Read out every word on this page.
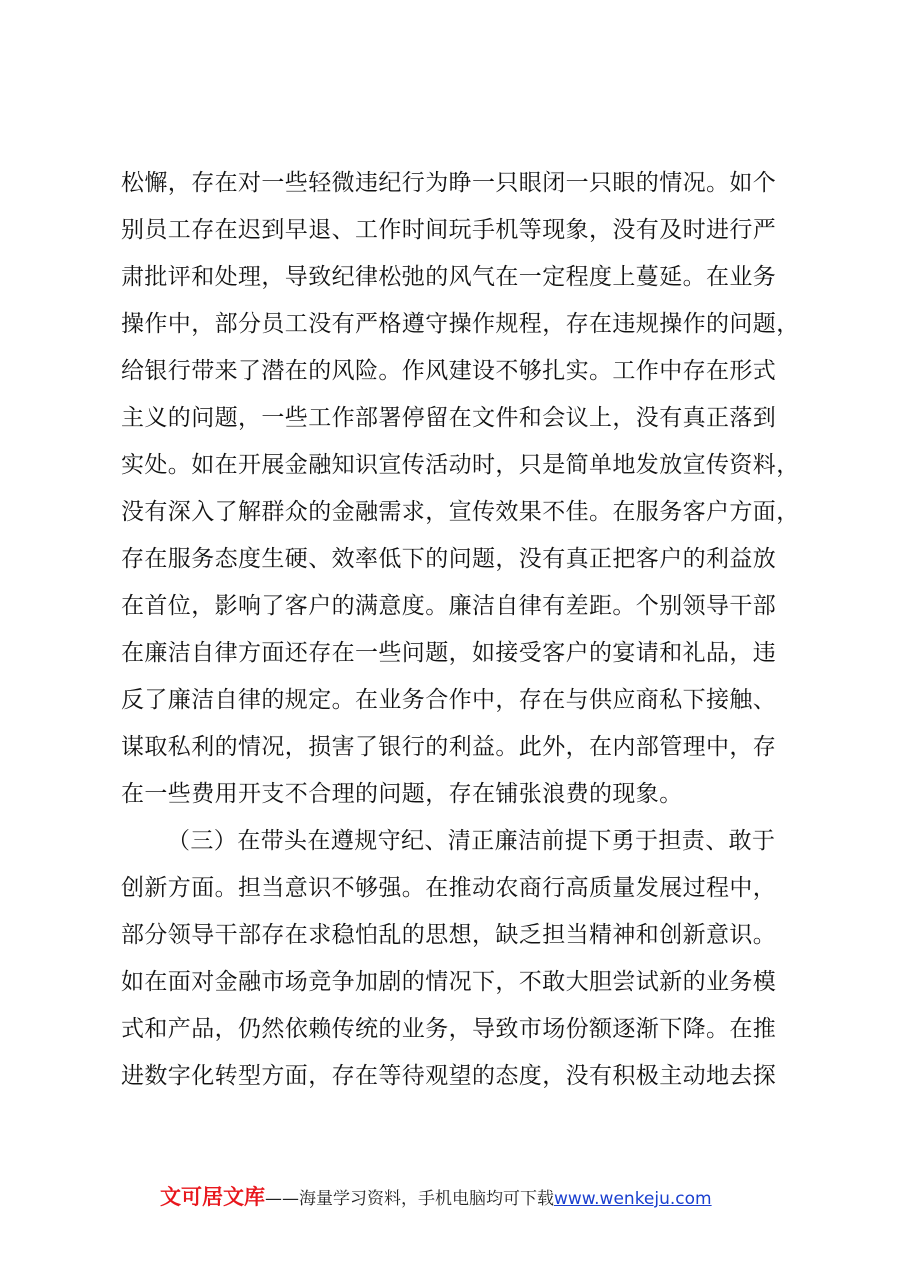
松懈，存在对一些轻微违纪行为睁一只眼闭一只眼的情况。如个
别员工存在迟到早退、工作时间玩手机等现象，没有及时进行严
肃批评和处理，导致纪律松弛的风气在一定程度上蔓延。在业务
操作中，部分员工没有严格遵守操作规程，存在违规操作的问题，
给银行带来了潜在的风险。作风建设不够扎实。工作中存在形式
主义的问题，一些工作部署停留在文件和会议上，没有真正落到
实处。如在开展金融知识宣传活动时，只是简单地发放宣传资料，
没有深入了解群众的金融需求，宣传效果不佳。在服务客户方面，
存在服务态度生硬、效率低下的问题，没有真正把客户的利益放
在首位，影响了客户的满意度。廉洁自律有差距。个别领导干部
在廉洁自律方面还存在一些问题，如接受客户的宴请和礼品，违
反了廉洁自律的规定。在业务合作中，存在与供应商私下接触、
谋取私利的情况，损害了银行的利益。此外，在内部管理中，存
在一些费用开支不合理的问题，存在铺张浪费的现象。
（三）在带头在遵规守纪、清正廉洁前提下勇于担责、敢于
创新方面。担当意识不够强。在推动农商行高质量发展过程中，
部分领导干部存在求稳怕乱的思想，缺乏担当精神和创新意识。
如在面对金融市场竞争加剧的情况下，不敢大胆尝试新的业务模
式和产品，仍然依赖传统的业务，导致市场份额逐渐下降。在推
进数字化转型方面，存在等待观望的态度，没有积极主动地去探
文可居文库——海量学习资料，手机电脑均可下载www.wenkeju.com
